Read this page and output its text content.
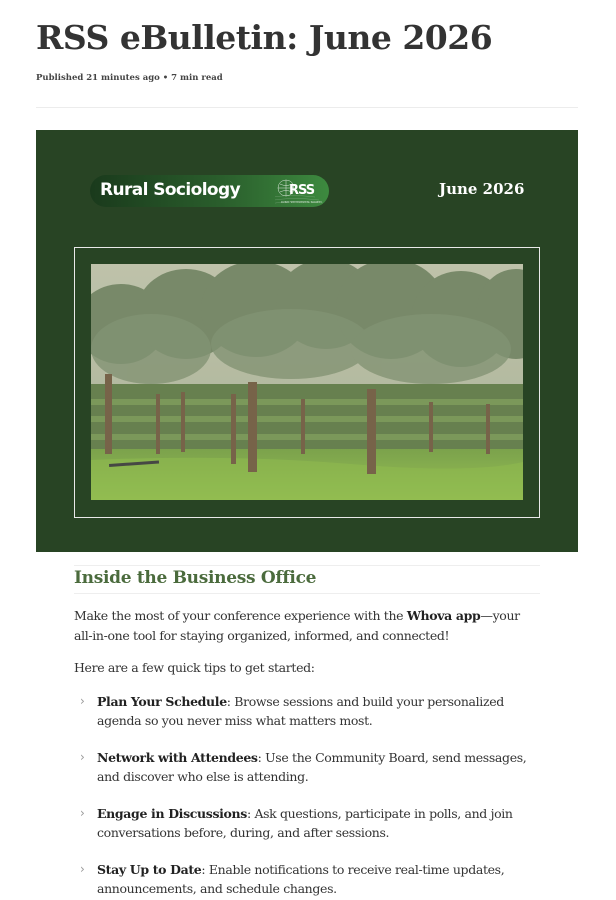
RSS eBulletin: June 2026
Published 21 minutes ago • 7 min read
Rural Sociology	RSS
RURAL SOCIOLOGICAL SOCIETY
June 2026
Inside the Business Office

Make the most of your conference experience with the Whova app—your all-in-one tool for staying organized, informed, and connected!

Here are a few quick tips to get started:

› Plan Your Schedule: Browse sessions and build your personalized agenda so you never miss what matters most.
› Network with Attendees: Use the Community Board, send messages, and discover who else is attending.
› Engage in Discussions: Ask questions, participate in polls, and join conversations before, during, and after sessions.
› Stay Up to Date: Enable notifications to receive real-time updates, announcements, and schedule changes.
